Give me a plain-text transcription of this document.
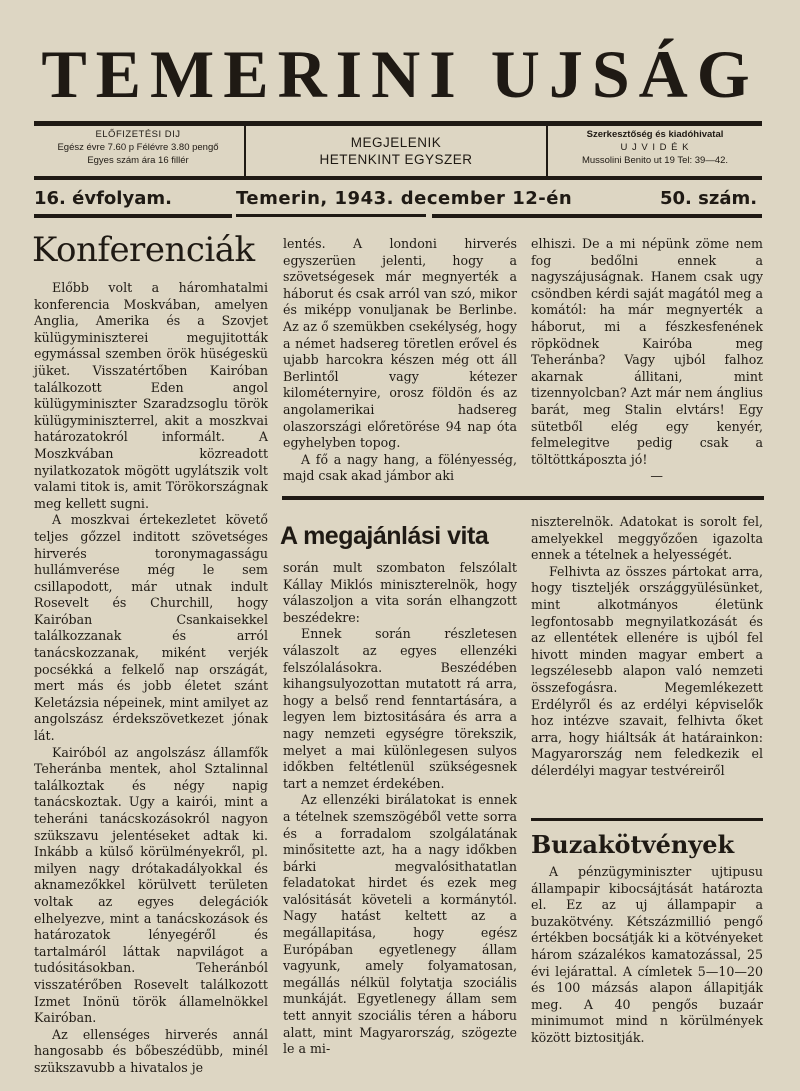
TEMERINI UJSÁG
ELŐFIZETÉSI DIJ
Egész évre 7.60 p Félévre 3.80 pengő
Egyes szám ára 16 fillér
MEGJELENIK
HETENKINT EGYSZER
Szerkesztőség és kiadóhivatal
U J V I D É K
Mussolini Benito ut 19 Tel: 39—42.
16. évfolyam.	Temerin, 1943. december 12-én	50. szám.
Konferenciák

Előbb volt a háromhatalmi konferencia Moskvában, amelyen Anglia, Amerika és a Szovjet külügyminiszterei megujitották egymással szemben örök hüségeskü jüket. Visszatértőben Kairóban találkozott Eden angol külügyminiszter Szaradzsoglu török külügyminiszterrel, akit a moszkvai határozatokról informált. A Moszkvában közreadott nyilatkozatok mögött ugylátszik volt valami titok is, amit Törökországnak meg kellett sugni.

A moszkvai értekezletet követő teljes gőzzel inditott szövetséges hirverés toronymagasságu hullámverése még le sem csillapodott, már utnak indult Rosevelt és Churchill, hogy Kairóban Csankaisekkel találkozzanak és arról tanácskozzanak, miként verjék pocsékká a felkelő nap országát, mert más és jobb életet szánt Keletázsia népeinek, mint amilyet az angolszász érdekszövetkezet jónak lát.

Kairóból az angolszász államfők Teheránba mentek, ahol Sztalinnal találkoztak és négy napig tanácskoztak. Ugy a kairói, mint a teheráni tanácskozásokról nagyon szükszavu jelentéseket adtak ki. Inkább a külső körülményekről, pl. milyen nagy drótakadályokkal és aknamezőkkel körülvett területen voltak az egyes delegációk elhelyezve, mint a tanácskozások és határozatok lényegéről és tartalmáról láttak napvilágot a tudósitásokban. Teheránból visszatérőben Rosevelt találkozott Izmet Inönü török államelnökkel Kairóban.

Az ellenséges hirverés annál hangosabb és bőbeszédübb, minél szükszavubb a hivatalos je

lentés. A londoni hirverés egyszerüen jelenti, hogy a szövetségesek már megnyerték a háborut és csak arról van szó, mikor és miképp vonuljanak be Berlinbe. Az az ő szemükben csekélység, hogy a német hadsereg töretlen erővel és ujabb harcokra készen még ott áll Berlintől vagy kétezer kilométernyire, orosz földön és az angolamerikai hadsereg olaszországi előretörése 94 nap óta egyhelyben topog.

A fő a nagy hang, a fölényesség, majd csak akad jámbor aki

elhiszi. De a mi népünk zöme nem fog bedőlni ennek a nagyszájuságnak. Hanem csak ugy csöndben kérdi saját magától meg a komától: ha már megnyerték a háborut, mi a fészkesfenének röpködnek Kairóba meg Teheránba? Vagy ujból falhoz akarnak állitani, mint tizennyolcban? Azt már nem ánglius barát, meg Stalin elvtárs! Egy sütetből elég egy kenyér, felmelegitve pedig csak a töltöttkáposzta jó!

—

A megajánlási vita

során mult szombaton felszólalt Kállay Miklós miniszterelnök, hogy válaszoljon a vita során elhangzott beszédekre:

Ennek során részletesen válaszolt az egyes ellenzéki felszólalásokra. Beszédében kihangsulyozottan mutatott rá arra, hogy a belső rend fenntartására, a legyen lem biztositására és arra a nagy nemzeti egységre törekszik, melyet a mai különlegesen sulyos időkben feltétlenül szükségesnek tart a nemzet érdekében.

Az ellenzéki birálatokat is ennek a tételnek szemszögéből vette sorra és a forradalom szolgálatának minősitette azt, ha a nagy időkben bárki megvalósithatatlan feladatokat hirdet és ezek meg valósitását követeli a kormánytól. Nagy hatást keltett az a megállapitása, hogy egész Európában egyetlenegy állam vagyunk, amely folyamatosan, megállás nélkül folytatja szociális munkáját. Egyetlenegy állam sem tett annyit szociális téren a háboru alatt, mint Magyarország, szögezte le a mi-

niszterelnök. Adatokat is sorolt fel, amelyekkel meggyőzően igazolta ennek a tételnek a helyességét.

Felhivta az összes pártokat arra, hogy tiszteljék országgyülésünket, mint alkotmányos életünk legfontosabb megnyilatkozását és az ellentétek ellenére is ujból fel hivott minden magyar embert a legszélesebb alapon való nemzeti összefogásra. Megemlékezett Erdélyről és az erdélyi képviselők hoz intézve szavait, felhivta őket arra, hogy hiáltsák át határainkon: Magyarország nem feledkezik el délerdélyi magyar testvéreiről

Buzakötvények

A pénzügyminiszter ujtipusu állampapir kibocsájtását határozta el. Ez az uj állampapir a buzakötvény. Kétszázmillió pengő értékben bocsátják ki a kötvényeket három százalékos kamatozással, 25 évi lejárattal. A címletek 5—10—20 és 100 mázsás alapon állapitják meg. A 40 pengős buzaár minimumot mind n körülmények között biztositják.
